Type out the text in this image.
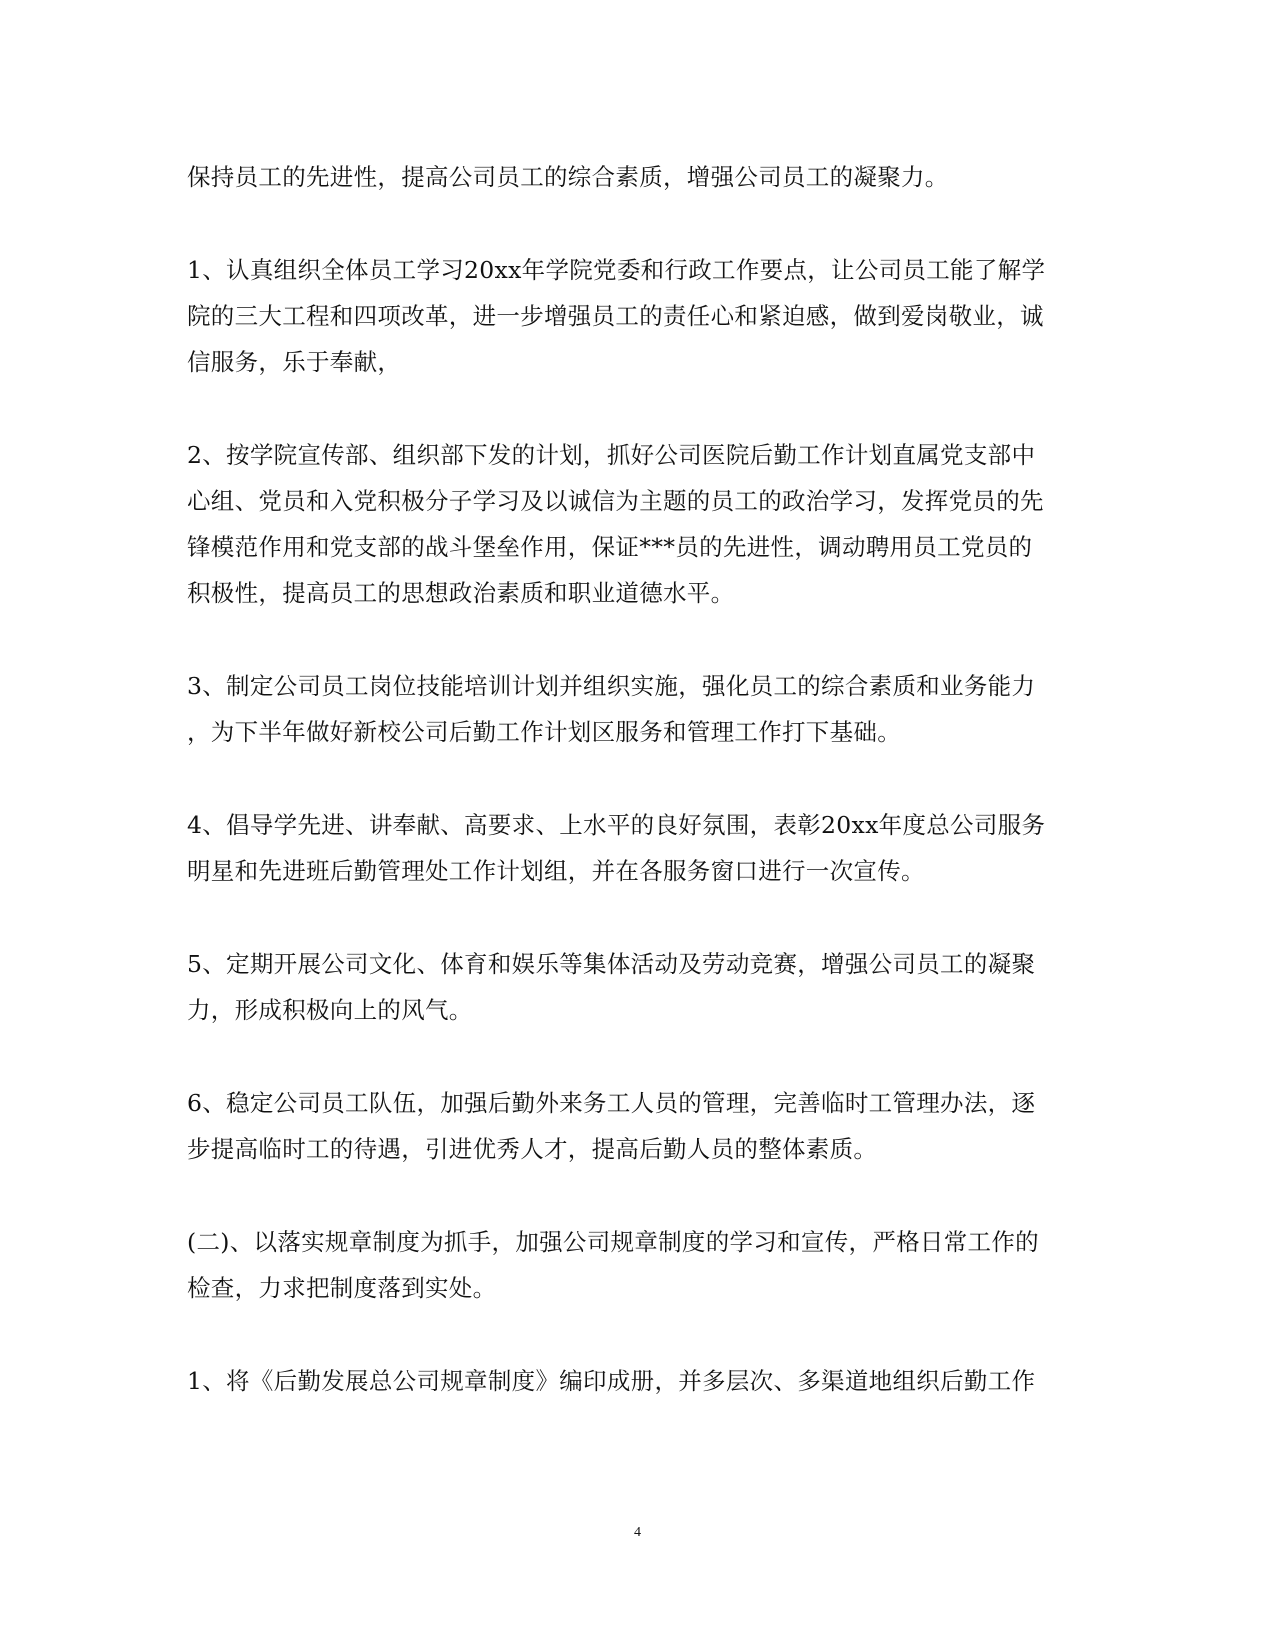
保持员工的先进性，提高公司员工的综合素质，增强公司员工的凝聚力。
1、认真组织全体员工学习20xx年学院党委和行政工作要点，让公司员工能了解学
院的三大工程和四项改革，进一步增强员工的责任心和紧迫感，做到爱岗敬业，诚
信服务，乐于奉献，
2、按学院宣传部、组织部下发的计划，抓好公司医院后勤工作计划直属党支部中
心组、党员和入党积极分子学习及以诚信为主题的员工的政治学习，发挥党员的先
锋模范作用和党支部的战斗堡垒作用，保证***员的先进性，调动聘用员工党员的
积极性，提高员工的思想政治素质和职业道德水平。
3、制定公司员工岗位技能培训计划并组织实施，强化员工的综合素质和业务能力
，为下半年做好新校公司后勤工作计划区服务和管理工作打下基础。
4、倡导学先进、讲奉献、高要求、上水平的良好氛围，表彰20xx年度总公司服务
明星和先进班后勤管理处工作计划组，并在各服务窗口进行一次宣传。
5、定期开展公司文化、体育和娱乐等集体活动及劳动竞赛，增强公司员工的凝聚
力，形成积极向上的风气。
6、稳定公司员工队伍，加强后勤外来务工人员的管理，完善临时工管理办法，逐
步提高临时工的待遇，引进优秀人才，提高后勤人员的整体素质。
(二)、以落实规章制度为抓手，加强公司规章制度的学习和宣传，严格日常工作的
检查，力求把制度落到实处。
1、将《后勤发展总公司规章制度》编印成册，并多层次、多渠道地组织后勤工作
4
